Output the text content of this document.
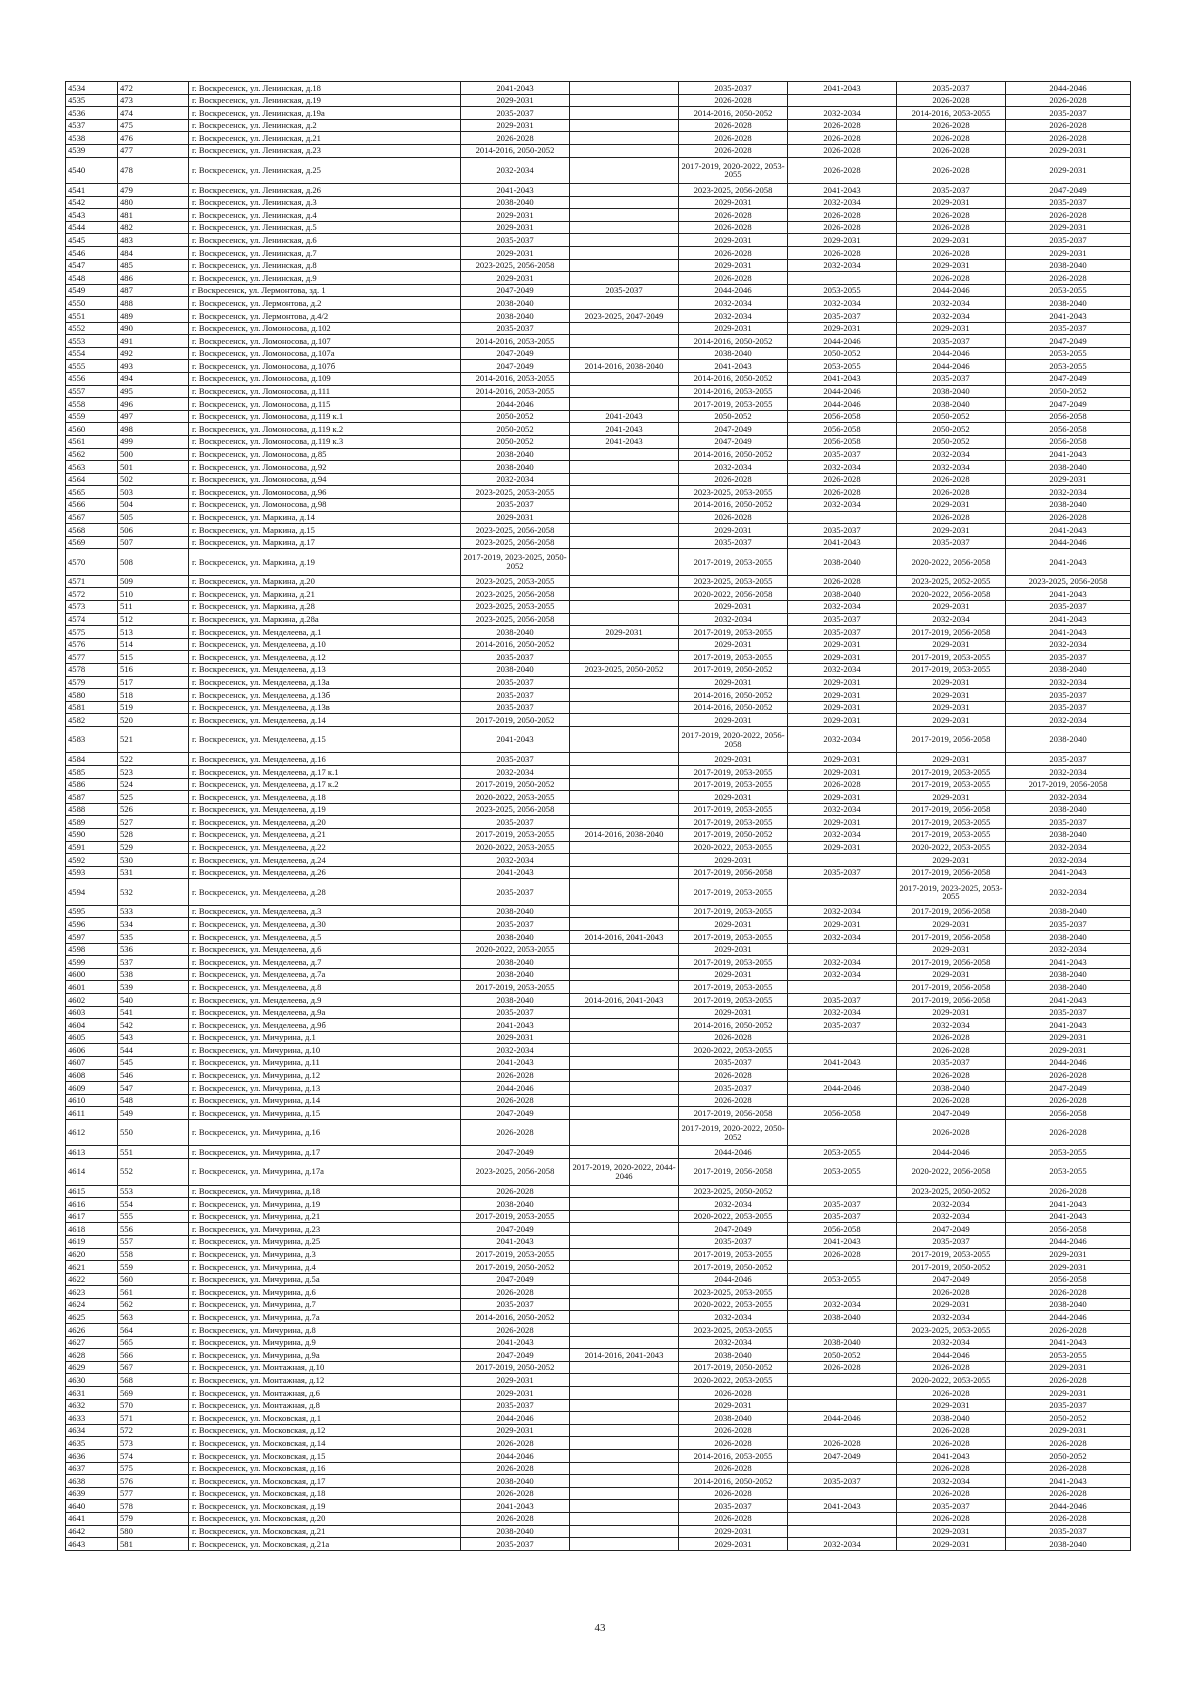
4534	472	г. Воскресенск, ул. Ленинская, д.18	2041-2043		2035-2037	2041-2043	2035-2037	2044-2046
4535	473	г. Воскресенск, ул. Ленинская, д.19	2029-2031		2026-2028		2026-2028	2026-2028
4536	474	г. Воскресенск, ул. Ленинская, д.19а	2035-2037		2014-2016, 2050-2052	2032-2034	2014-2016, 2053-2055	2035-2037
4537	475	г. Воскресенск, ул. Ленинская, д.2	2029-2031		2026-2028	2026-2028	2026-2028	2026-2028
4538	476	г. Воскресенск, ул. Ленинская, д.21	2026-2028		2026-2028	2026-2028	2026-2028	2026-2028
4539	477	г. Воскресенск, ул. Ленинская, д.23	2014-2016, 2050-2052		2026-2028	2026-2028	2026-2028	2029-2031
4540	478	г. Воскресенск, ул. Ленинская, д.25	2032-2034		2017-2019, 2020-2022, 2053-2055	2026-2028	2026-2028	2029-2031
4541	479	г. Воскресенск, ул. Ленинская, д.26	2041-2043		2023-2025, 2056-2058	2041-2043	2035-2037	2047-2049
4542	480	г. Воскресенск, ул. Ленинская, д.3	2038-2040		2029-2031	2032-2034	2029-2031	2035-2037
4543	481	г. Воскресенск, ул. Ленинская, д.4	2029-2031		2026-2028	2026-2028	2026-2028	2026-2028
4544	482	г. Воскресенск, ул. Ленинская, д.5	2029-2031		2026-2028	2026-2028	2026-2028	2029-2031
4545	483	г. Воскресенск, ул. Ленинская, д.6	2035-2037		2029-2031	2029-2031	2029-2031	2035-2037
4546	484	г. Воскресенск, ул. Ленинская, д.7	2029-2031		2026-2028	2026-2028	2026-2028	2029-2031
4547	485	г. Воскресенск, ул. Ленинская, д.8	2023-2025, 2056-2058		2029-2031	2032-2034	2029-2031	2038-2040
4548	486	г. Воскресенск, ул. Ленинская, д.9	2029-2031		2026-2028		2026-2028	2026-2028
4549	487	г Воскресенск, ул. Лермонтова, зд. 1	2047-2049	2035-2037	2044-2046	2053-2055	2044-2046	2053-2055
4550	488	г. Воскресенск, ул. Лермонтова, д.2	2038-2040		2032-2034	2032-2034	2032-2034	2038-2040
4551	489	г. Воскресенск, ул. Лермонтова, д.4/2	2038-2040	2023-2025, 2047-2049	2032-2034	2035-2037	2032-2034	2041-2043
4552	490	г. Воскресенск, ул. Ломоносова, д.102	2035-2037		2029-2031	2029-2031	2029-2031	2035-2037
4553	491	г. Воскресенск, ул. Ломоносова, д.107	2014-2016, 2053-2055		2014-2016, 2050-2052	2044-2046	2035-2037	2047-2049
4554	492	г. Воскресенск, ул. Ломоносова, д.107а	2047-2049		2038-2040	2050-2052	2044-2046	2053-2055
4555	493	г. Воскресенск, ул. Ломоносова, д.107б	2047-2049	2014-2016, 2038-2040	2041-2043	2053-2055	2044-2046	2053-2055
4556	494	г. Воскресенск, ул. Ломоносова, д.109	2014-2016, 2053-2055		2014-2016, 2050-2052	2041-2043	2035-2037	2047-2049
4557	495	г. Воскресенск, ул. Ломоносова, д.111	2014-2016, 2053-2055		2014-2016, 2053-2055	2044-2046	2038-2040	2050-2052
4558	496	г. Воскресенск, ул. Ломоносова, д.115	2044-2046		2017-2019, 2053-2055	2044-2046	2038-2040	2047-2049
4559	497	г. Воскресенск, ул. Ломоносова, д.119 к.1	2050-2052	2041-2043	2050-2052	2056-2058	2050-2052	2056-2058
4560	498	г. Воскресенск, ул. Ломоносова, д.119 к.2	2050-2052	2041-2043	2047-2049	2056-2058	2050-2052	2056-2058
4561	499	г. Воскресенск, ул. Ломоносова, д.119 к.3	2050-2052	2041-2043	2047-2049	2056-2058	2050-2052	2056-2058
4562	500	г. Воскресенск, ул. Ломоносова, д.85	2038-2040		2014-2016, 2050-2052	2035-2037	2032-2034	2041-2043
4563	501	г. Воскресенск, ул. Ломоносова, д.92	2038-2040		2032-2034	2032-2034	2032-2034	2038-2040
4564	502	г. Воскресенск, ул. Ломоносова, д.94	2032-2034		2026-2028	2026-2028	2026-2028	2029-2031
4565	503	г. Воскресенск, ул. Ломоносова, д.96	2023-2025, 2053-2055		2023-2025, 2053-2055	2026-2028	2026-2028	2032-2034
4566	504	г. Воскресенск, ул. Ломоносова, д.98	2035-2037		2014-2016, 2050-2052	2032-2034	2029-2031	2038-2040
4567	505	г. Воскресенск, ул. Маркина, д.14	2029-2031		2026-2028		2026-2028	2026-2028
4568	506	г. Воскресенск, ул. Маркина, д.15	2023-2025, 2056-2058		2029-2031	2035-2037	2029-2031	2041-2043
4569	507	г. Воскресенск, ул. Маркина, д.17	2023-2025, 2056-2058		2035-2037	2041-2043	2035-2037	2044-2046
4570	508	г. Воскресенск, ул. Маркина, д.19	2017-2019, 2023-2025, 2050-2052		2017-2019, 2053-2055	2038-2040	2020-2022, 2056-2058	2041-2043
4571	509	г. Воскресенск, ул. Маркина, д.20	2023-2025, 2053-2055		2023-2025, 2053-2055	2026-2028	2023-2025, 2052-2055	2023-2025, 2056-2058
4572	510	г. Воскресенск, ул. Маркина, д.21	2023-2025, 2056-2058		2020-2022, 2056-2058	2038-2040	2020-2022, 2056-2058	2041-2043
4573	511	г. Воскресенск, ул. Маркина, д.28	2023-2025, 2053-2055		2029-2031	2032-2034	2029-2031	2035-2037
4574	512	г. Воскресенск, ул. Маркина, д.28а	2023-2025, 2056-2058		2032-2034	2035-2037	2032-2034	2041-2043
4575	513	г. Воскресенск, ул. Менделеева, д.1	2038-2040	2029-2031	2017-2019, 2053-2055	2035-2037	2017-2019, 2056-2058	2041-2043
4576	514	г. Воскресенск, ул. Менделеева, д.10	2014-2016, 2050-2052		2029-2031	2029-2031	2029-2031	2032-2034
4577	515	г. Воскресенск, ул. Менделеева, д.12	2035-2037		2017-2019, 2053-2055	2029-2031	2017-2019, 2053-2055	2035-2037
4578	516	г. Воскресенск, ул. Менделеева, д.13	2038-2040	2023-2025, 2050-2052	2017-2019, 2050-2052	2032-2034	2017-2019, 2053-2055	2038-2040
4579	517	г. Воскресенск, ул. Менделеева, д.13а	2035-2037		2029-2031	2029-2031	2029-2031	2032-2034
4580	518	г. Воскресенск, ул. Менделеева, д.13б	2035-2037		2014-2016, 2050-2052	2029-2031	2029-2031	2035-2037
4581	519	г. Воскресенск, ул. Менделеева, д.13в	2035-2037		2014-2016, 2050-2052	2029-2031	2029-2031	2035-2037
4582	520	г. Воскресенск, ул. Менделеева, д.14	2017-2019, 2050-2052		2029-2031	2029-2031	2029-2031	2032-2034
4583	521	г. Воскресенск, ул. Менделеева, д.15	2041-2043		2017-2019, 2020-2022, 2056-2058	2032-2034	2017-2019, 2056-2058	2038-2040
4584	522	г. Воскресенск, ул. Менделеева, д.16	2035-2037		2029-2031	2029-2031	2029-2031	2035-2037
4585	523	г. Воскресенск, ул. Менделеева, д.17 к.1	2032-2034		2017-2019, 2053-2055	2029-2031	2017-2019, 2053-2055	2032-2034
4586	524	г. Воскресенск, ул. Менделеева, д.17 к.2	2017-2019, 2050-2052		2017-2019, 2053-2055	2026-2028	2017-2019, 2053-2055	2017-2019, 2056-2058
4587	525	г. Воскресенск, ул. Менделеева, д.18	2020-2022, 2053-2055		2029-2031	2029-2031	2029-2031	2032-2034
4588	526	г. Воскресенск, ул. Менделеева, д.19	2023-2025, 2056-2058		2017-2019, 2053-2055	2032-2034	2017-2019, 2056-2058	2038-2040
4589	527	г. Воскресенск, ул. Менделеева, д.20	2035-2037		2017-2019, 2053-2055	2029-2031	2017-2019, 2053-2055	2035-2037
4590	528	г. Воскресенск, ул. Менделеева, д.21	2017-2019, 2053-2055	2014-2016, 2038-2040	2017-2019, 2050-2052	2032-2034	2017-2019, 2053-2055	2038-2040
4591	529	г. Воскресенск, ул. Менделеева, д.22	2020-2022, 2053-2055		2020-2022, 2053-2055	2029-2031	2020-2022, 2053-2055	2032-2034
4592	530	г. Воскресенск, ул. Менделеева, д.24	2032-2034		2029-2031		2029-2031	2032-2034
4593	531	г. Воскресенск, ул. Менделеева, д.26	2041-2043		2017-2019, 2056-2058	2035-2037	2017-2019, 2056-2058	2041-2043
4594	532	г. Воскресенск, ул. Менделеева, д.28	2035-2037		2017-2019, 2053-2055		2017-2019, 2023-2025, 2053-2055	2032-2034
4595	533	г. Воскресенск, ул. Менделеева, д.3	2038-2040		2017-2019, 2053-2055	2032-2034	2017-2019, 2056-2058	2038-2040
4596	534	г. Воскресенск, ул. Менделеева, д.30	2035-2037		2029-2031	2029-2031	2029-2031	2035-2037
4597	535	г. Воскресенск, ул. Менделеева, д.5	2038-2040	2014-2016, 2041-2043	2017-2019, 2053-2055	2032-2034	2017-2019, 2056-2058	2038-2040
4598	536	г. Воскресенск, ул. Менделеева, д.6	2020-2022, 2053-2055		2029-2031		2029-2031	2032-2034
4599	537	г. Воскресенск, ул. Менделеева, д.7	2038-2040		2017-2019, 2053-2055	2032-2034	2017-2019, 2056-2058	2041-2043
4600	538	г. Воскресенск, ул. Менделеева, д.7а	2038-2040		2029-2031	2032-2034	2029-2031	2038-2040
4601	539	г. Воскресенск, ул. Менделеева, д.8	2017-2019, 2053-2055		2017-2019, 2053-2055		2017-2019, 2056-2058	2038-2040
4602	540	г. Воскресенск, ул. Менделеева, д.9	2038-2040	2014-2016, 2041-2043	2017-2019, 2053-2055	2035-2037	2017-2019, 2056-2058	2041-2043
4603	541	г. Воскресенск, ул. Менделеева, д.9а	2035-2037		2029-2031	2032-2034	2029-2031	2035-2037
4604	542	г. Воскресенск, ул. Менделеева, д.9б	2041-2043		2014-2016, 2050-2052	2035-2037	2032-2034	2041-2043
4605	543	г. Воскресенск, ул. Мичурина, д.1	2029-2031		2026-2028		2026-2028	2029-2031
4606	544	г. Воскресенск, ул. Мичурина, д.10	2032-2034		2020-2022, 2053-2055		2026-2028	2029-2031
4607	545	г. Воскресенск, ул. Мичурина, д.11	2041-2043		2035-2037	2041-2043	2035-2037	2044-2046
4608	546	г. Воскресенск, ул. Мичурина, д.12	2026-2028		2026-2028		2026-2028	2026-2028
4609	547	г. Воскресенск, ул. Мичурина, д.13	2044-2046		2035-2037	2044-2046	2038-2040	2047-2049
4610	548	г. Воскресенск, ул. Мичурина, д.14	2026-2028		2026-2028		2026-2028	2026-2028
4611	549	г. Воскресенск, ул. Мичурина, д.15	2047-2049		2017-2019, 2056-2058	2056-2058	2047-2049	2056-2058
4612	550	г. Воскресенск, ул. Мичурина, д.16	2026-2028		2017-2019, 2020-2022, 2050-2052		2026-2028	2026-2028
4613	551	г. Воскресенск, ул. Мичурина, д.17	2047-2049		2044-2046	2053-2055	2044-2046	2053-2055
4614	552	г. Воскресенск, ул. Мичурина, д.17а	2023-2025, 2056-2058	2017-2019, 2020-2022, 2044-2046	2017-2019, 2056-2058	2053-2055	2020-2022, 2056-2058	2053-2055
4615	553	г. Воскресенск, ул. Мичурина, д.18	2026-2028		2023-2025, 2050-2052		2023-2025, 2050-2052	2026-2028
4616	554	г. Воскресенск, ул. Мичурина, д.19	2038-2040		2032-2034	2035-2037	2032-2034	2041-2043
4617	555	г. Воскресенск, ул. Мичурина, д.21	2017-2019, 2053-2055		2020-2022, 2053-2055	2035-2037	2032-2034	2041-2043
4618	556	г. Воскресенск, ул. Мичурина, д.23	2047-2049		2047-2049	2056-2058	2047-2049	2056-2058
4619	557	г. Воскресенск, ул. Мичурина, д.25	2041-2043		2035-2037	2041-2043	2035-2037	2044-2046
4620	558	г. Воскресенск, ул. Мичурина, д.3	2017-2019, 2053-2055		2017-2019, 2053-2055	2026-2028	2017-2019, 2053-2055	2029-2031
4621	559	г. Воскресенск, ул. Мичурина, д.4	2017-2019, 2050-2052		2017-2019, 2050-2052		2017-2019, 2050-2052	2029-2031
4622	560	г. Воскресенск, ул. Мичурина, д.5а	2047-2049		2044-2046	2053-2055	2047-2049	2056-2058
4623	561	г. Воскресенск, ул. Мичурина, д.6	2026-2028		2023-2025, 2053-2055		2026-2028	2026-2028
4624	562	г. Воскресенск, ул. Мичурина, д.7	2035-2037		2020-2022, 2053-2055	2032-2034	2029-2031	2038-2040
4625	563	г. Воскресенск, ул. Мичурина, д.7а	2014-2016, 2050-2052		2032-2034	2038-2040	2032-2034	2044-2046
4626	564	г. Воскресенск, ул. Мичурина, д.8	2026-2028		2023-2025, 2053-2055		2023-2025, 2053-2055	2026-2028
4627	565	г. Воскресенск, ул. Мичурина, д.9	2041-2043		2032-2034	2038-2040	2032-2034	2041-2043
4628	566	г. Воскресенск, ул. Мичурина, д.9а	2047-2049	2014-2016, 2041-2043	2038-2040	2050-2052	2044-2046	2053-2055
4629	567	г. Воскресенск, ул. Монтажная, д.10	2017-2019, 2050-2052		2017-2019, 2050-2052	2026-2028	2026-2028	2029-2031
4630	568	г. Воскресенск, ул. Монтажная, д.12	2029-2031		2020-2022, 2053-2055		2020-2022, 2053-2055	2026-2028
4631	569	г. Воскресенск, ул. Монтажная, д.6	2029-2031		2026-2028		2026-2028	2029-2031
4632	570	г. Воскресенск, ул. Монтажная, д.8	2035-2037		2029-2031		2029-2031	2035-2037
4633	571	г. Воскресенск, ул. Московская, д.1	2044-2046		2038-2040	2044-2046	2038-2040	2050-2052
4634	572	г. Воскресенск, ул. Московская, д.12	2029-2031		2026-2028		2026-2028	2029-2031
4635	573	г. Воскресенск, ул. Московская, д.14	2026-2028		2026-2028	2026-2028	2026-2028	2026-2028
4636	574	г. Воскресенск, ул. Московская, д.15	2044-2046		2014-2016, 2053-2055	2047-2049	2041-2043	2050-2052
4637	575	г. Воскресенск, ул. Московская, д.16	2026-2028		2026-2028		2026-2028	2026-2028
4638	576	г. Воскресенск, ул. Московская, д.17	2038-2040		2014-2016, 2050-2052	2035-2037	2032-2034	2041-2043
4639	577	г. Воскресенск, ул. Московская, д.18	2026-2028		2026-2028		2026-2028	2026-2028
4640	578	г. Воскресенск, ул. Московская, д.19	2041-2043		2035-2037	2041-2043	2035-2037	2044-2046
4641	579	г. Воскресенск, ул. Московская, д.20	2026-2028		2026-2028		2026-2028	2026-2028
4642	580	г. Воскресенск, ул. Московская, д.21	2038-2040		2029-2031		2029-2031	2035-2037
4643	581	г. Воскресенск, ул. Московская, д.21а	2035-2037		2029-2031	2032-2034	2029-2031	2038-2040
43
